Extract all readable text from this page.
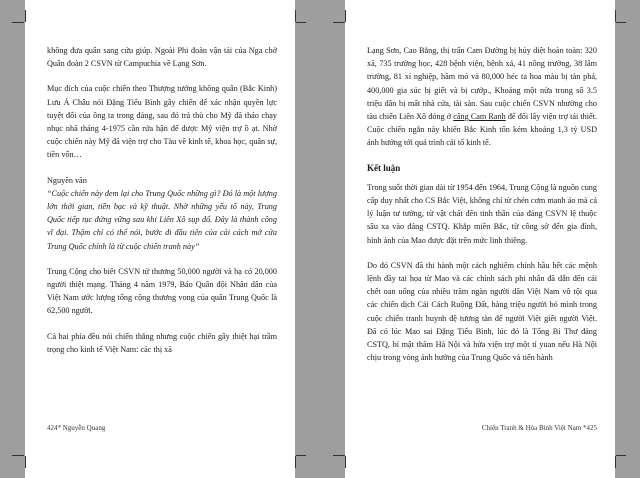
không đưa quân sang cứu giúp. Ngoài Phi đoàn vận tải của Nga chở Quân đoàn 2 CSVN từ Campuchia về Lạng Sơn.

Mục đích của cuộc chiến theo Thượng tướng không quân (Bắc Kinh) Lưu Á Châu nói Đặng Tiểu Bình gây chiến để xác nhận quyền lực tuyệt đối của ông ta trong đảng, sau đó trả thù cho Mỹ đã tháo chạy nhục nhã tháng 4-1975 cần rửa hận để được Mỹ viện trợ ồ ạt. Nhờ cuộc chiến này Mỹ đã viện trợ cho Tàu về kinh tế, khoa học, quân sự, tiền vốn…

Nguyên văn

“Cuộc chiến này đem lại cho Trung Quốc những gì? Đó là một lượng lớn thời gian, tiền bạc và kỹ thuật. Nhờ những yếu tố này, Trung Quốc tiếp tục đứng vững sau khi Liên Xô sụp đổ. Đây là thành công vĩ đại. Thậm chí có thể nói, bước đi đầu tiên của cải cách mở cửa Trung Quốc chính là từ cuộc chiến tranh này”

Trung Cộng cho biết CSVN tử thương 50,000 người và hạ có 20,000 người thiệt mạng. Tháng 4 năm 1979, Báo Quân đội Nhân dân của Việt Nam ước lượng tổng cộng thương vong của quân Trung Quốc là 62,500 người.

Cả hai phía đều nói chiến thắng nhưng cuộc chiến gây thiệt hại trầm trọng cho kinh tế Việt Nam: các thị xã

424* Nguyễn Quang

Lạng Sơn, Cao Bằng, thị trấn Cam Đường bị hủy diệt hoàn toàn: 320 xã, 735 trường học, 428 bệnh viện, bệnh xá, 41 nông trường, 38 lâm trường, 81 xí nghiệp, hầm mỏ và 80,000 héc ta hoa màu bị tàn phá, 400,000 gia súc bị giết và bị cướp., Khoảng một nửa trong số 3.5 triệu dân bị mất nhà cửa, tài sản. Sau cuộc chiến CSVN nhường cho tàu chiến Liên Xô đóng ở căng Cam Ranh để đổi lấy viện trợ tái thiết. Cuộc chiến ngắn này khiến Bắc Kinh tốn kém khoảng 1,3 tỷ USD ảnh hưởng tới quá trình cải tổ kinh tế.

Kết luận

Trong suốt thời gian dài từ 1954 đến 1964, Trung Cộng là nguồn cung cấp duy nhất cho CS Bắc Việt, không chỉ từ chén cơm manh áo mà cả lý luận tư tưởng, từ vật chất đến tinh thần của đảng CSVN lệ thuộc sâu xa vào đảng CSTQ. Khắp miền Bắc, từ công sở đến gia đình, hình ảnh của Mao được đặt trên mức linh thiêng.

Do đó CSVN đã thi hành một cách nghiêm chỉnh hầu hết các mệnh lệnh đầy tai họa từ Mao và các chính sách phi nhân đã dẫn đến cái chết oan uổng của nhiều trăm ngàn người dân Việt Nam vô tội qua các chiến dịch Cải Cách Ruộng Đất, hàng triệu người bỏ mình trong cuộc chiến tranh huynh đệ tương tàn để người Việt giết người Việt. Đã có lúc Mao sai Đặng Tiểu Bình, lúc đó là Tổng Bí Thư đảng CSTQ, bí mật thăm Hà Nội và hứa viện trợ một tỉ yuan nếu Hà Nội chịu trong vòng ảnh hưởng của Trung Quốc và tiến hành

Chiến Tranh & Hòa Bình Việt Nam *425
